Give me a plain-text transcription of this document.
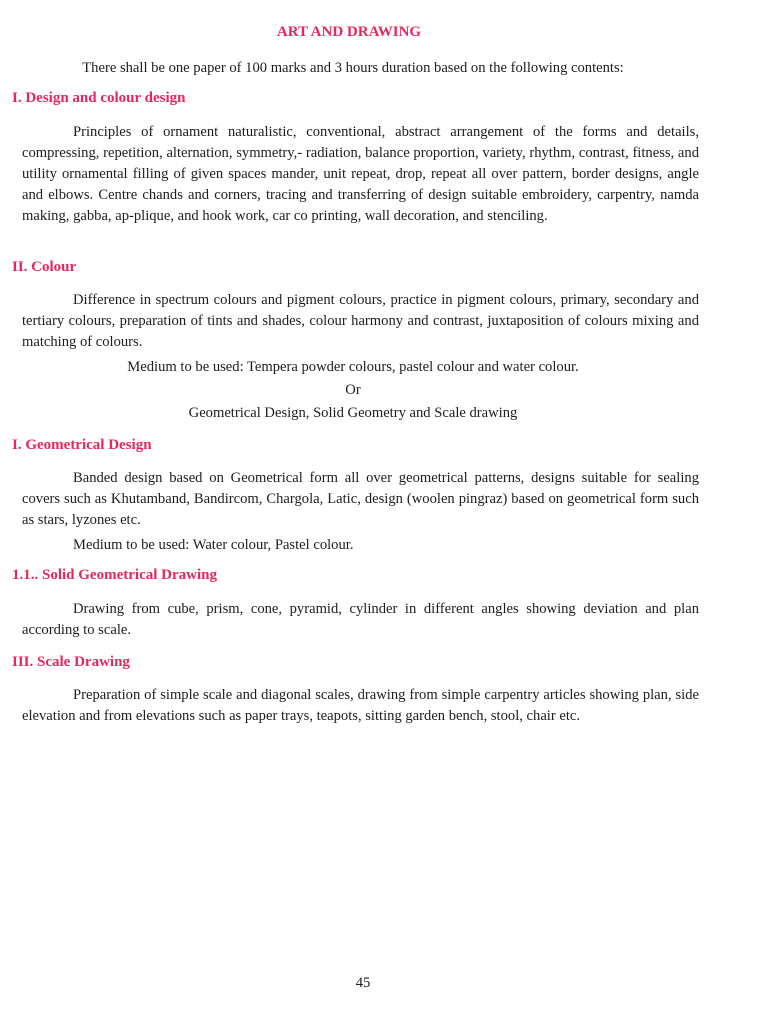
ART AND DRAWING
There shall be one paper of 100 marks and 3 hours duration based on the following contents:
I. Design and colour design
Principles of ornament naturalistic, conventional, abstract arrangement of the forms and details, compressing, repetition, alternation, symmetry,- radiation, balance proportion, variety, rhythm, contrast, fitness, and utility ornamental filling of given spaces mander, unit repeat, drop, repeat all over pattern, border designs, angle and elbows. Centre chands and corners, tracing and transferring of design suitable embroidery, carpentry, namda making, gabba, ap-plique, and hook work, car co printing, wall decoration, and stenciling.
II. Colour
Difference in spectrum colours and pigment colours, practice in pigment colours, primary, secondary and tertiary colours, preparation of tints and shades, colour harmony and contrast, juxtaposition of colours mixing and matching of colours.
Medium to be used: Tempera powder colours, pastel colour and water colour.
Or
Geometrical Design, Solid Geometry and Scale drawing
I. Geometrical Design
Banded design based on Geometrical form all over geometrical patterns, designs suitable for sealing covers such as Khutamband, Bandircom, Chargola, Latic, design (woolen pingraz) based on geometrical form such as stars, lyzones etc.
Medium to be used: Water colour, Pastel colour.
1.1.. Solid Geometrical Drawing
Drawing from cube, prism, cone, pyramid, cylinder in different angles showing deviation and plan according to scale.
III. Scale Drawing
Preparation of simple scale and diagonal scales, drawing from simple carpentry articles showing plan, side elevation and from elevations such as paper trays, teapots, sitting garden bench, stool, chair etc.
45
